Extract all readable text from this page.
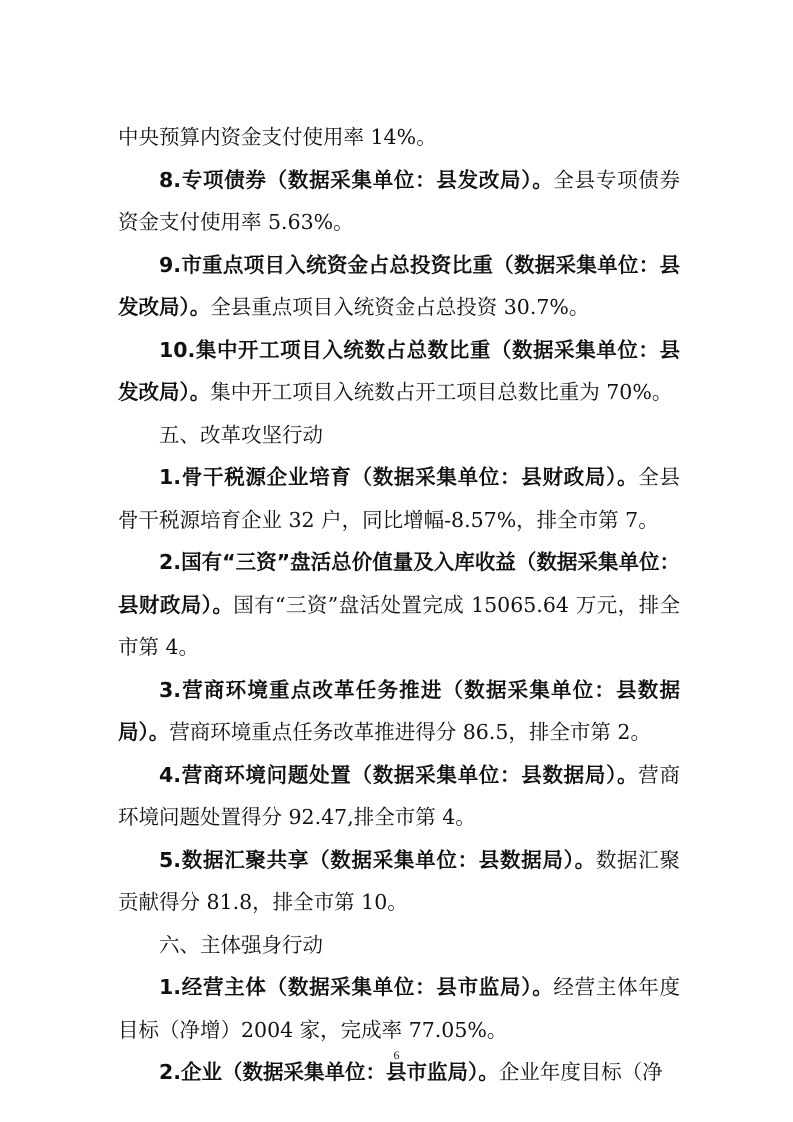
中央预算内资金支付使用率 14%。

8.专项债券（数据采集单位：县发改局）。全县专项债券资金支付使用率 5.63%。

9.市重点项目入统资金占总投资比重（数据采集单位：县发改局）。全县重点项目入统资金占总投资 30.7%。

10.集中开工项目入统数占总数比重（数据采集单位：县发改局）。集中开工项目入统数占开工项目总数比重为 70%。

五、改革攻坚行动

1.骨干税源企业培育（数据采集单位：县财政局）。全县骨干税源培育企业 32 户，同比增幅-8.57%，排全市第 7。

2.国有“三资”盘活总价值量及入库收益（数据采集单位：县财政局）。国有“三资”盘活处置完成 15065.64 万元，排全市第 4。

3.营商环境重点改革任务推进（数据采集单位：县数据局）。营商环境重点任务改革推进得分 86.5，排全市第 2。

4.营商环境问题处置（数据采集单位：县数据局）。营商环境问题处置得分 92.47,排全市第 4。

5.数据汇聚共享（数据采集单位：县数据局）。数据汇聚贡献得分 81.8，排全市第 10。

六、主体强身行动

1.经营主体（数据采集单位：县市监局）。经营主体年度目标（净增）2004 家，完成率 77.05%。

2.企业（数据采集单位：县市监局）。企业年度目标（净

6
